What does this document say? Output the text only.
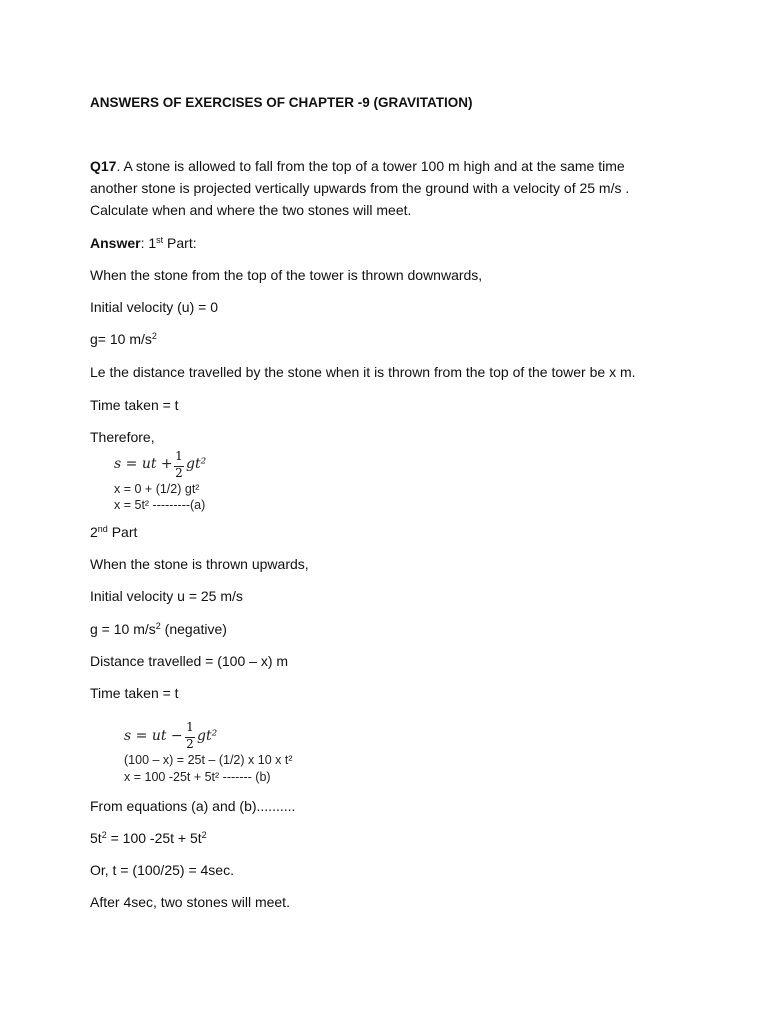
ANSWERS OF EXERCISES OF CHAPTER -9 (GRAVITATION)
Q17. A stone is allowed to fall from the top of a tower 100 m high and at the same time another stone is projected vertically upwards from the ground with a velocity of 25 m/s . Calculate when and where the two stones will meet.
Answer: 1st Part:
When the stone from the top of the tower is thrown downwards,
Initial velocity (u) = 0
g= 10 $m/s^2$
Le the distance travelled by the stone when it is thrown from the top of the tower be x m.
Time taken = t
Therefore,
s = ut + 1
2
gt²
x = 0 + (1/2) gt²
x = 5t² ---------(a)
2nd Part
When the stone is thrown upwards,
Initial velocity u = 25 m/s
g = 10 $m/s^2$ (negative)
Distance travelled = (100 – x) m
Time taken = t
s = ut −
1
2 gt²
(100 – x) = 25t – (1/2) x 10 x t²
x = 100 -25t + 5t² ------- (b)
From equations (a) and (b)..........
$5t^2 = 100$ $-25t + 5t^2$
Or, t = (100/25) = 4sec.
After 4sec, two stones will meet.
